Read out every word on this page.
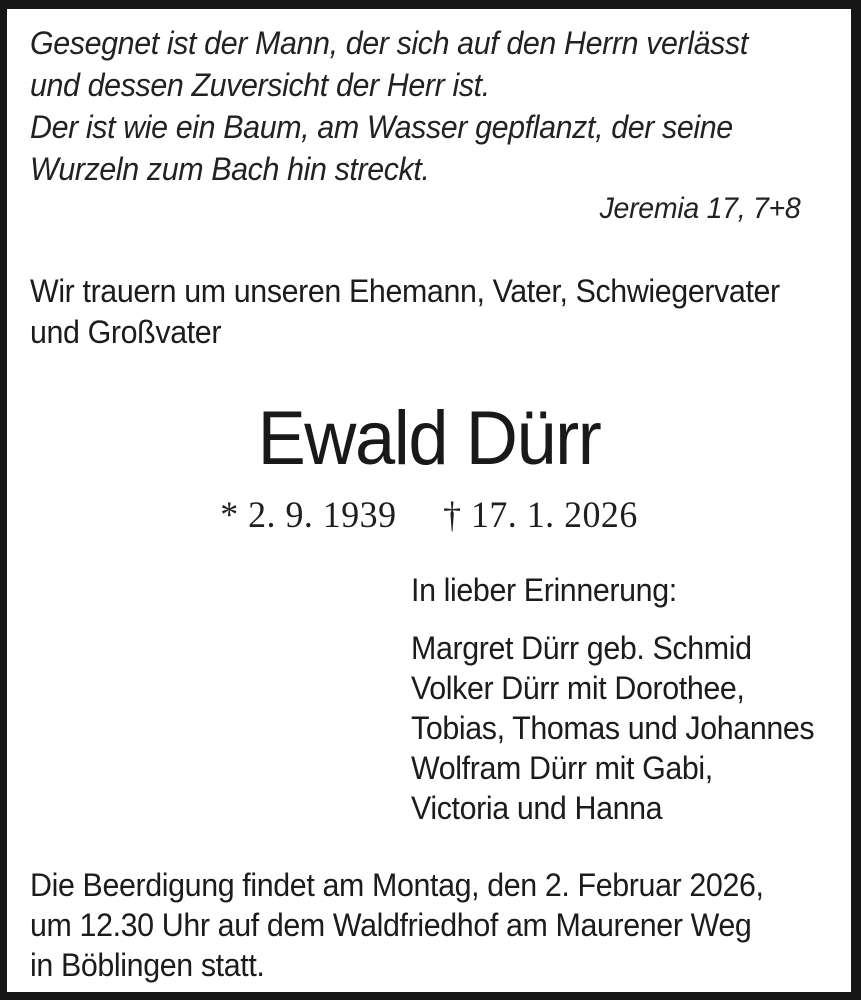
Gesegnet ist der Mann, der sich auf den Herrn verlässt
und dessen Zuversicht der Herr ist.
Der ist wie ein Baum, am Wasser gepflanzt, der seine
Wurzeln zum Bach hin streckt.
Jeremia 17, 7+8
Wir trauern um unseren Ehemann, Vater, Schwiegervater
und Großvater
Ewald Dürr
* 2. 9. 1939 † 17. 1. 2026
In lieber Erinnerung:
Margret Dürr geb. Schmid
Volker Dürr mit Dorothee,
Tobias, Thomas und Johannes
Wolfram Dürr mit Gabi,
Victoria und Hanna
Die Beerdigung findet am Montag, den 2. Februar 2026,
um 12.30 Uhr auf dem Waldfriedhof am Maurener Weg
in Böblingen statt.
